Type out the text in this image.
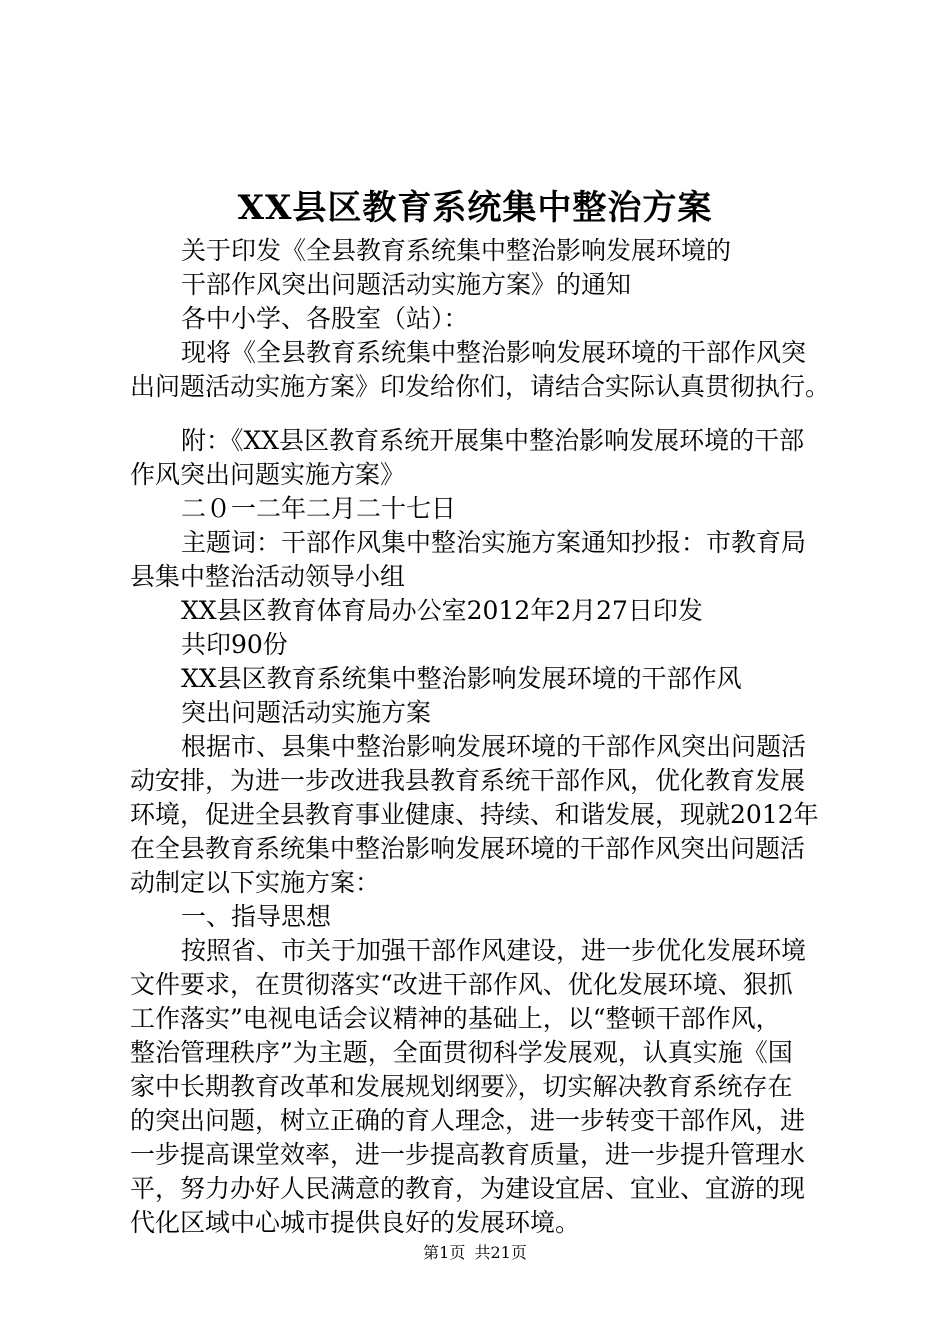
XX县区教育系统集中整治方案
关于印发《全县教育系统集中整治影响发展环境的
干部作风突出问题活动实施方案》的通知
各中小学、各股室（站）：
现将《全县教育系统集中整治影响发展环境的干部作风突
出问题活动实施方案》印发给你们，请结合实际认真贯彻执行。
附：《XX县区教育系统开展集中整治影响发展环境的干部
作风突出问题实施方案》
二０一二年二月二十七日
主题词：干部作风集中整治实施方案通知抄报：市教育局
县集中整治活动领导小组
XX县区教育体育局办公室2012年2月27日印发
共印90份
XX县区教育系统集中整治影响发展环境的干部作风
突出问题活动实施方案
根据市、县集中整治影响发展环境的干部作风突出问题活
动安排，为进一步改进我县教育系统干部作风，优化教育发展
环境，促进全县教育事业健康、持续、和谐发展，现就2012年
在全县教育系统集中整治影响发展环境的干部作风突出问题活
动制定以下实施方案：
一、指导思想
按照省、市关于加强干部作风建设，进一步优化发展环境
文件要求，在贯彻落实“改进干部作风、优化发展环境、狠抓
工作落实”电视电话会议精神的基础上，以“整顿干部作风，
整治管理秩序”为主题，全面贯彻科学发展观，认真实施《国
家中长期教育改革和发展规划纲要》，切实解决教育系统存在
的突出问题，树立正确的育人理念，进一步转变干部作风，进
一步提高课堂效率，进一步提高教育质量，进一步提升管理水
平，努力办好人民满意的教育，为建设宜居、宜业、宜游的现
代化区域中心城市提供良好的发展环境。
第1页 共21页
